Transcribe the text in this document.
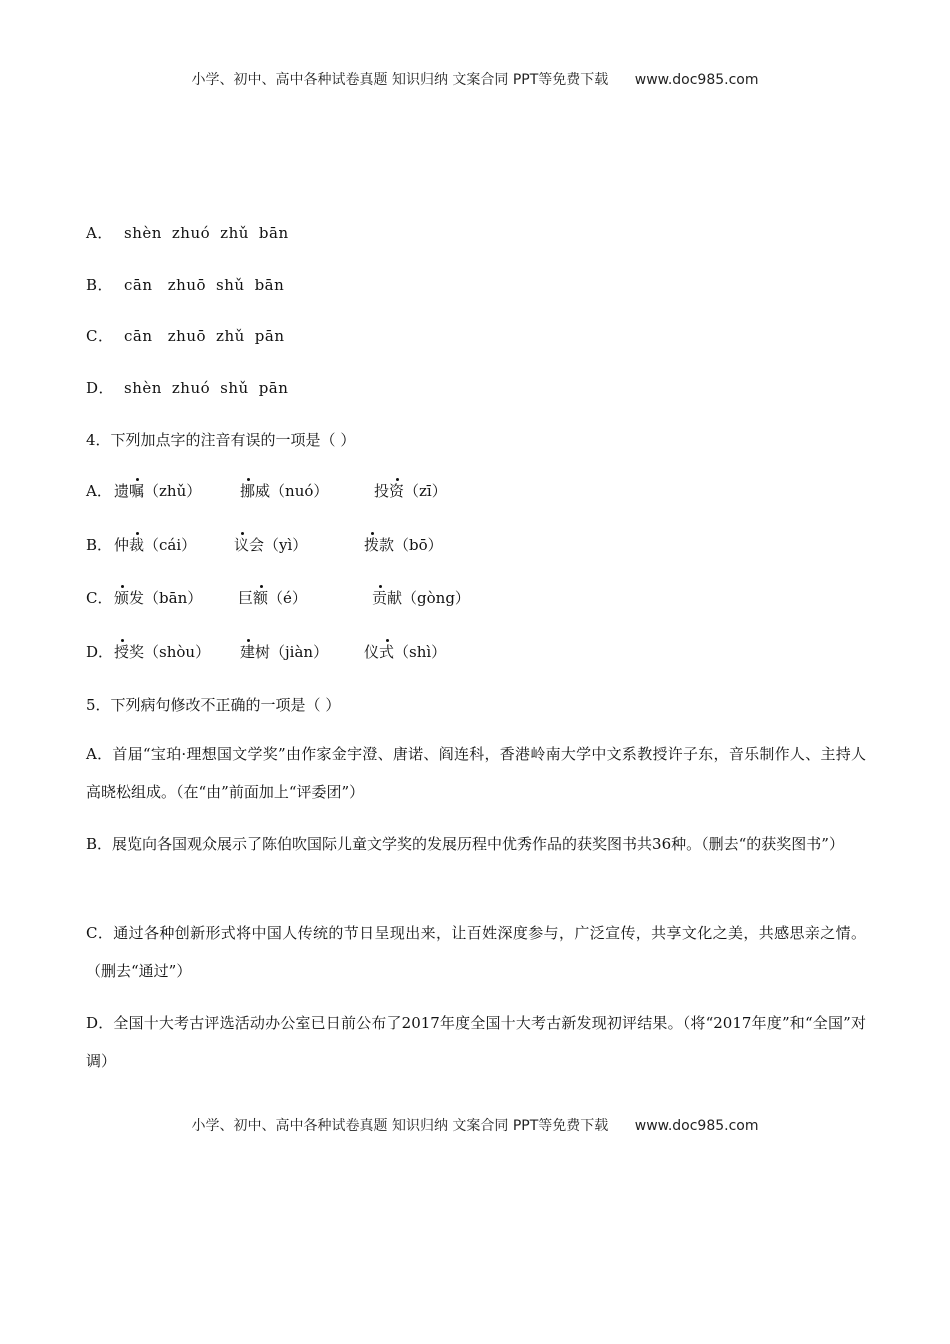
小学、初中、高中各种试卷真题 知识归纳 文案合同 PPT等免费下载 www.doc985.com
A． shèn zhuó zhǔ bān
B． cān zhuō shǔ bān
C． cān zhuō zhǔ pān
D． shèn zhuó shǔ pān
4．下列加点字的注音有误的一项是（ ）
A． 遗嘱（zhǔ）	挪威（nuó）	投资（zī）
B． 仲裁（cái）	议会（yì）	拨款（bō）
C． 颁发（bān） 巨额（é）	贡献（gòng）
D． 授奖（shòu） 建树（jiàn） 仪式（shì）
5．下列病句修改不正确的一项是（ ）
A．首届“宝珀·理想国文学奖”由作家金宇澄、唐诺、阎连科，香港岭南大学中文系教授许子东，音乐制作人、主持人高晓松组成。（在“由”前面加上“评委团”）
B．展览向各国观众展示了陈伯吹国际儿童文学奖的发展历程中优秀作品的获奖图书共36种。（删去“的获奖图书”）
C．通过各种创新形式将中国人传统的节日呈现出来，让百姓深度参与，广泛宣传，共享文化之美，共感思亲之情。（删去“通过”）
D．全国十大考古评选活动办公室已日前公布了2017年度全国十大考古新发现初评结果。（将“2017年度”和“全国”对调）
小学、初中、高中各种试卷真题 知识归纳 文案合同 PPT等免费下载 www.doc985.com
